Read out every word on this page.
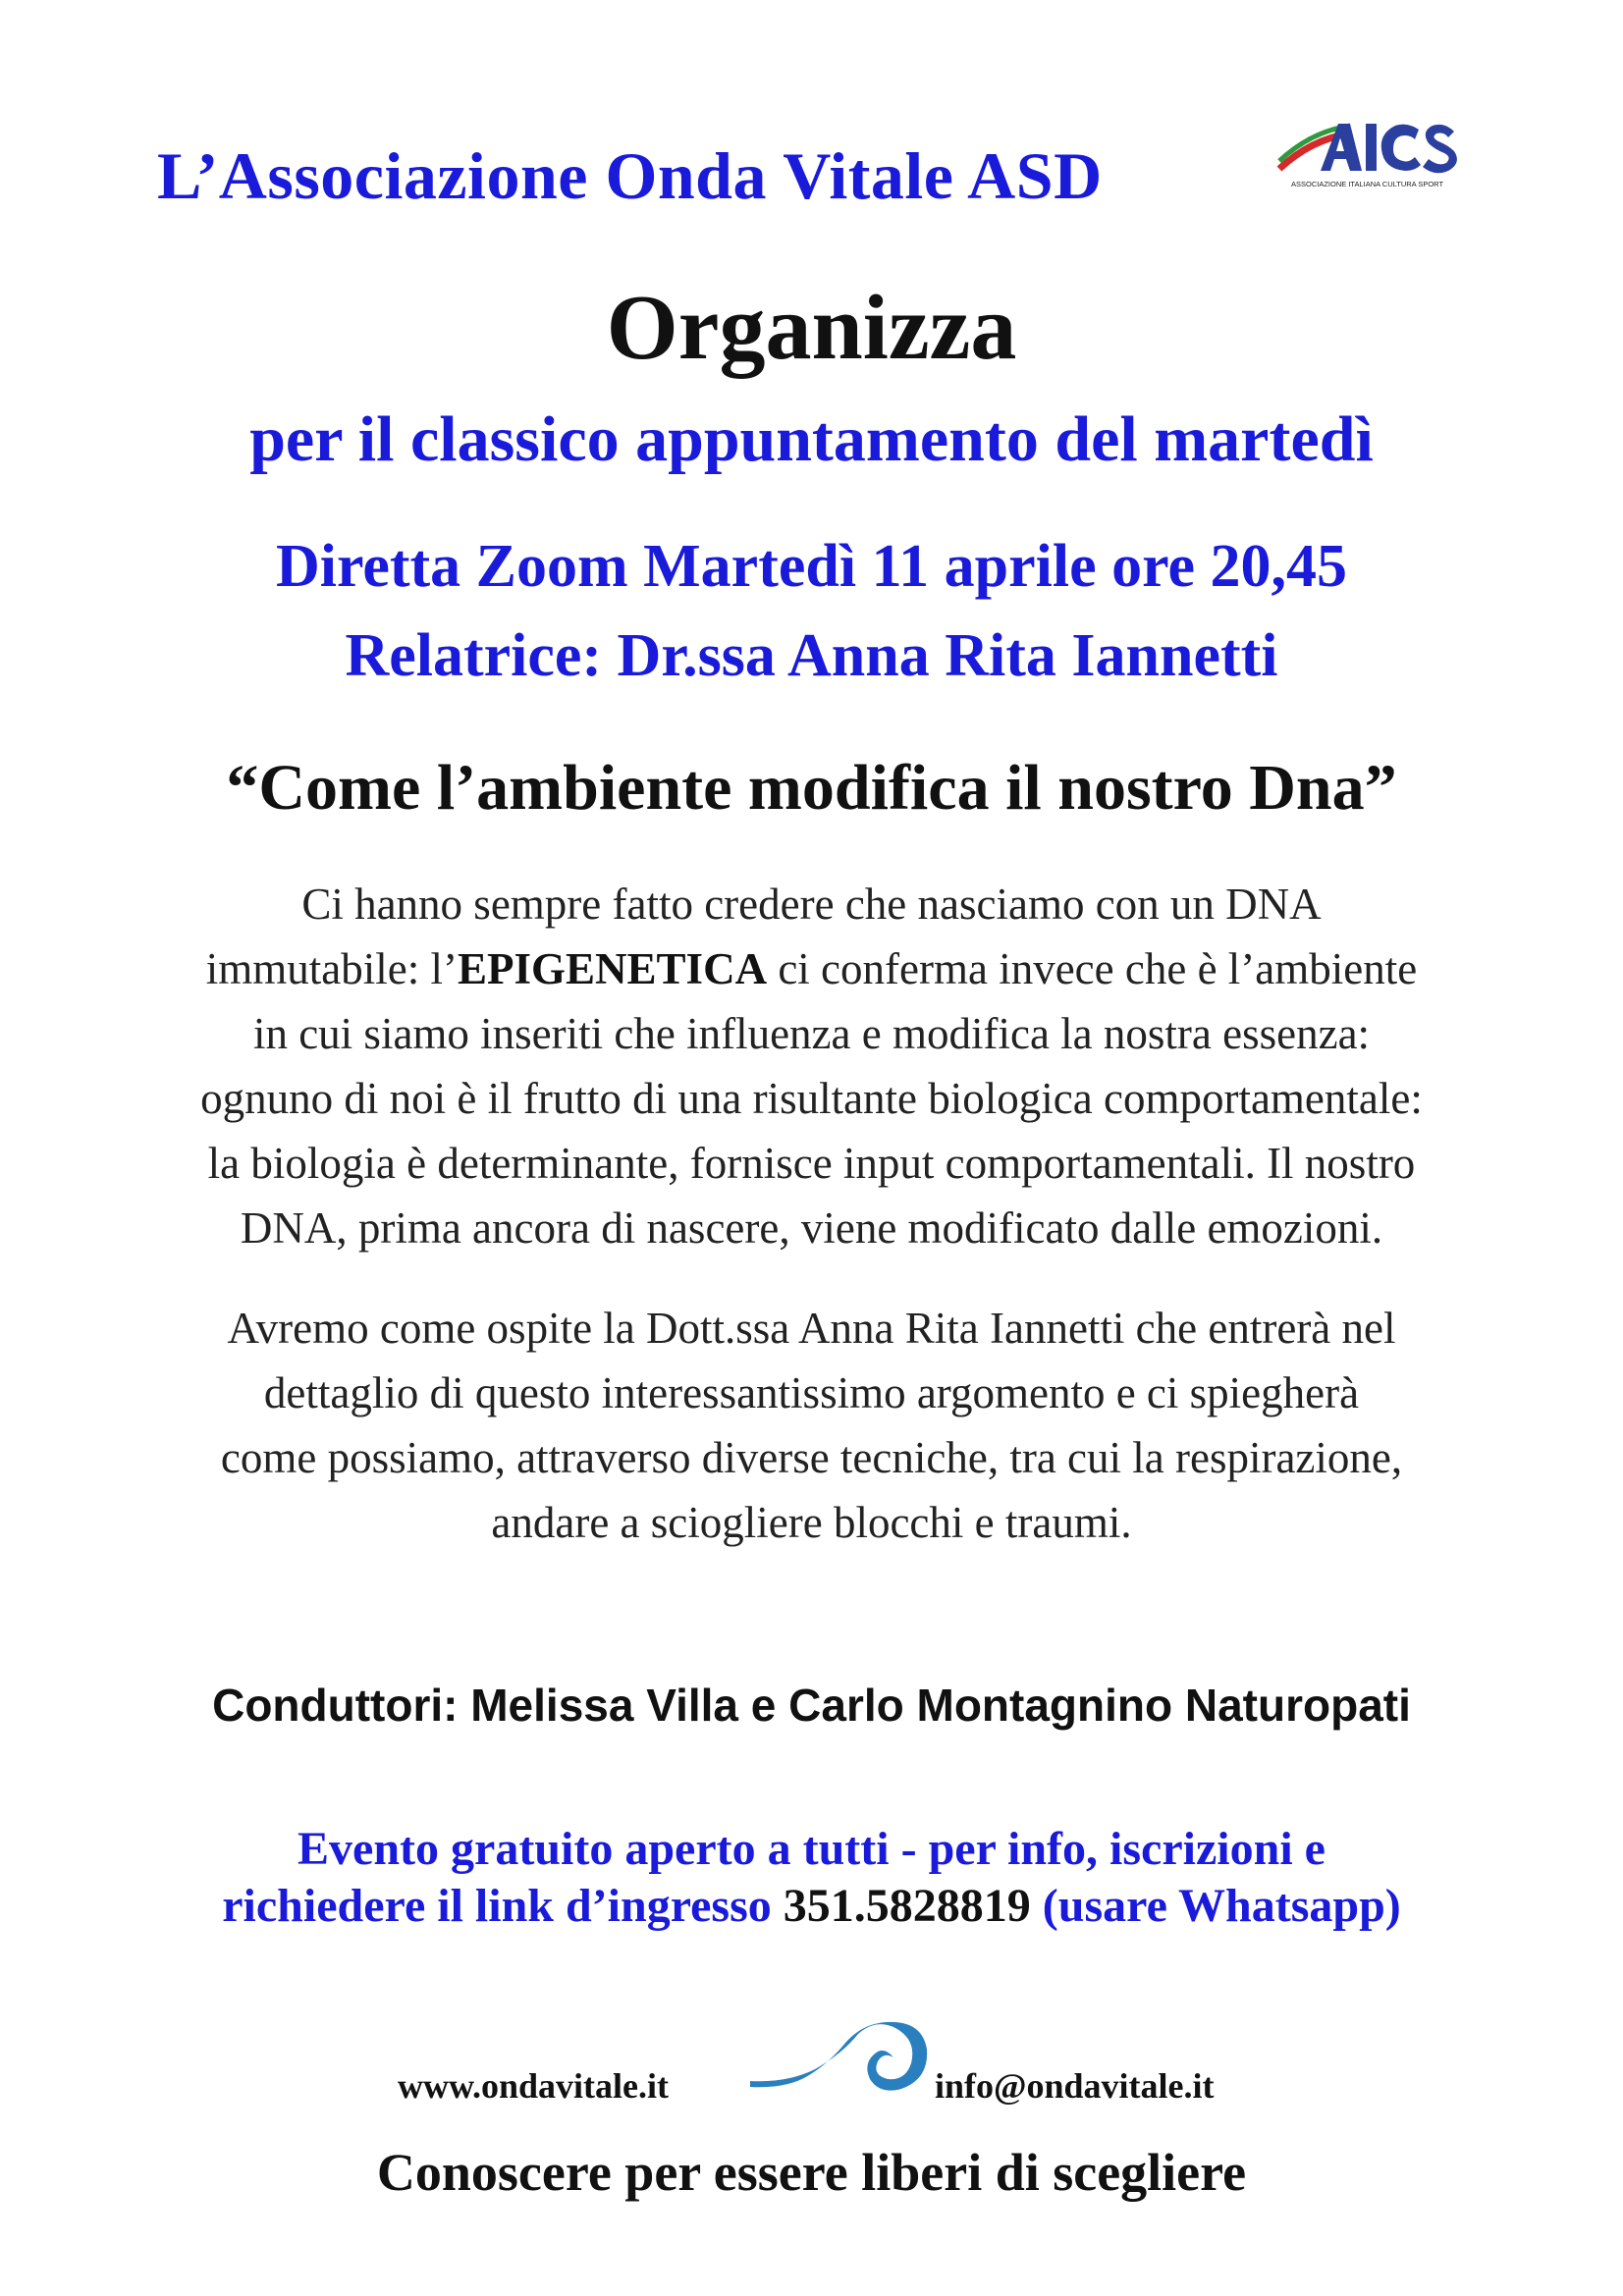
L’Associazione Onda Vitale ASD	ASSOCIAZIONE ITALIANA CULTURA SPORT
Organizza
per il classico appuntamento del martedì
Diretta Zoom Martedì 11 aprile ore 20,45
Relatrice: Dr.ssa Anna Rita Iannetti
“Come l’ambiente modifica il nostro Dna”
Ci hanno sempre fatto credere che nasciamo con un DNA
immutabile: l’EPIGENETICA ci conferma invece che è l’ambiente
in cui siamo inseriti che influenza e modifica la nostra essenza:
ognuno di noi è il frutto di una risultante biologica comportamentale:
la biologia è determinante, fornisce input comportamentali. Il nostro
DNA, prima ancora di nascere, viene modificato dalle emozioni.
Avremo come ospite la Dott.ssa Anna Rita Iannetti che entrerà nel
dettaglio di questo interessantissimo argomento e ci spiegherà
come possiamo, attraverso diverse tecniche, tra cui la respirazione,
andare a sciogliere blocchi e traumi.
Conduttori: Melissa Villa e Carlo Montagnino Naturopati
Evento gratuito aperto a tutti - per info, iscrizioni e
richiedere il link d’ingresso 351.5828819 (usare Whatsapp)
www.ondavitale.it	info@ondavitale.it
Conoscere per essere liberi di scegliere
